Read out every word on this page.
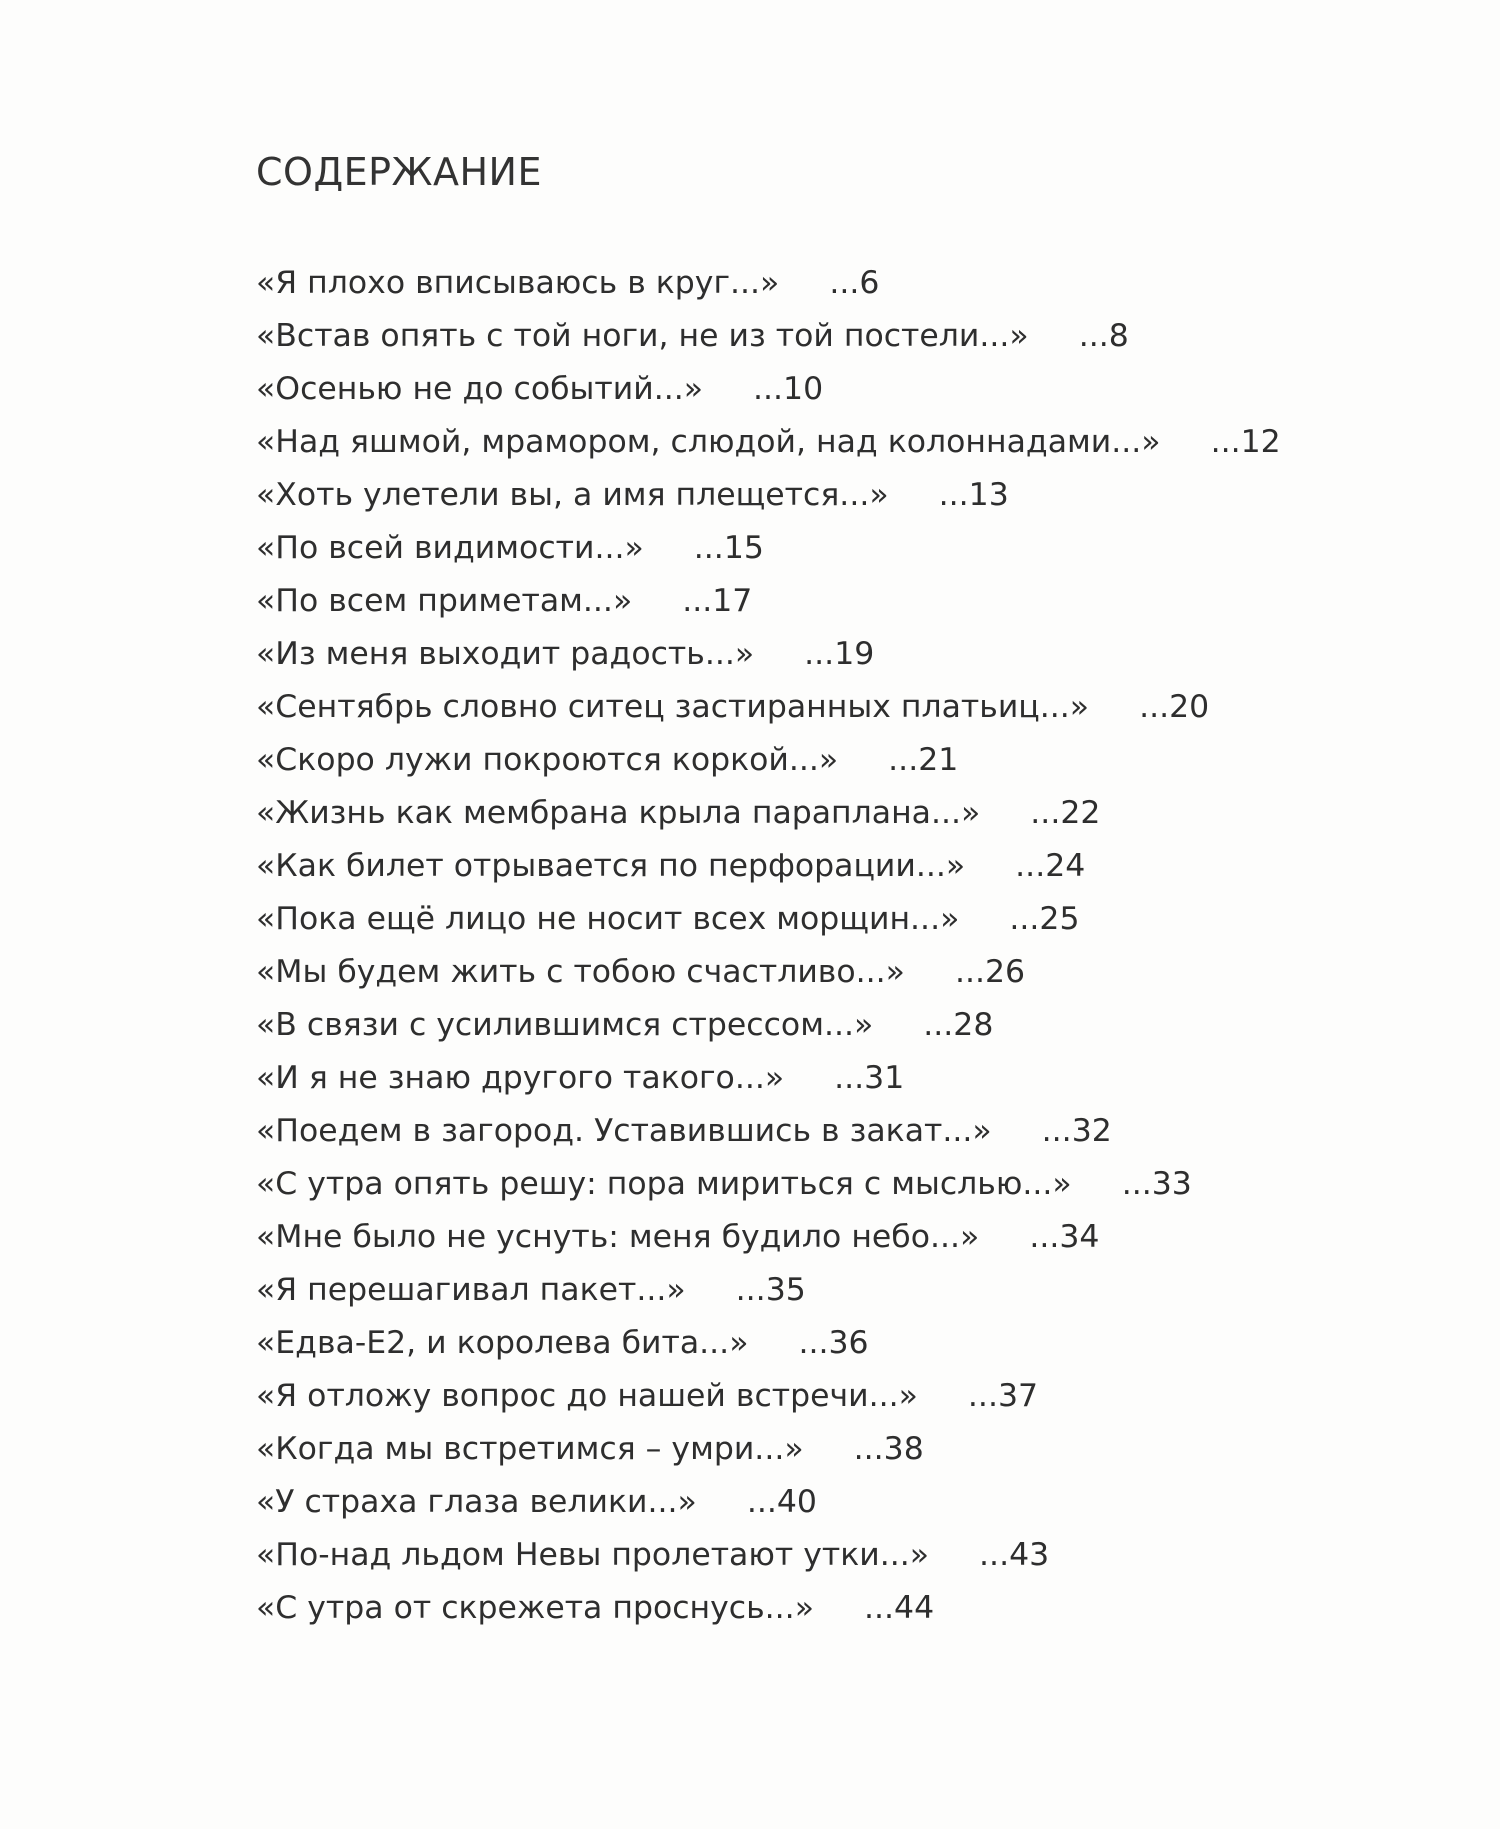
СОДЕРЖАНИЕ
«Я плохо вписываюсь в круг...» ...6
«Встав опять с той ноги, не из той постели...» ...8
«Осенью не до событий...» ...10
«Над яшмой, мрамором, слюдой, над колоннадами...» ...12
«Хоть улетели вы, а имя плещется...» ...13
«По всей видимости...» ...15
«По всем приметам...» ...17
«Из меня выходит радость...» ...19
«Сентябрь словно ситец застиранных платьиц...» ...20
«Скоро лужи покроются коркой...» ...21
«Жизнь как мембрана крыла параплана...» ...22
«Как билет отрывается по перфорации...» ...24
«Пока ещё лицо не носит всех морщин...» ...25
«Мы будем жить с тобою счастливо...» ...26
«В связи с усилившимся стрессом...» ...28
«И я не знаю другого такого...» ...31
«Поедем в загород. Уставившись в закат...» ...32
«С утра опять решу: пора мириться с мыслью...» ...33
«Мне было не уснуть: меня будило небо...» ...34
«Я перешагивал пакет...» ...35
«Едва-Е2, и королева бита...» ...36
«Я отложу вопрос до нашей встречи...» ...37
«Когда мы встретимся – умри...» ...38
«У страха глаза велики...» ...40
«По-над льдом Невы пролетают утки...» ...43
«С утра от скрежета проснусь...» ...44
